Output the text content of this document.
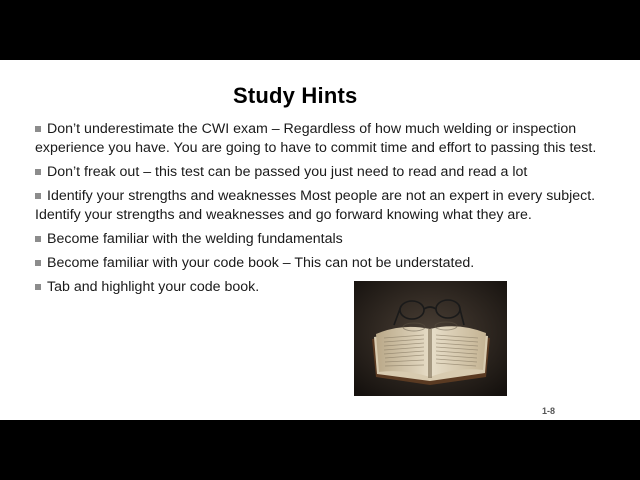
Study Hints
Don’t underestimate the CWI exam – Regardless of how much welding or inspection experience you have. You are going to have to commit time and effort to passing this test.
Don’t freak out – this test can be passed you just need to read and read a lot
Identify your strengths and weaknesses Most people are not an expert in every subject. Identify your strengths and weaknesses and go forward knowing what they are.
Become familiar with the welding fundamentals
Become familiar with your code book – This can not be understated.
Tab and highlight your code book.
1-8
